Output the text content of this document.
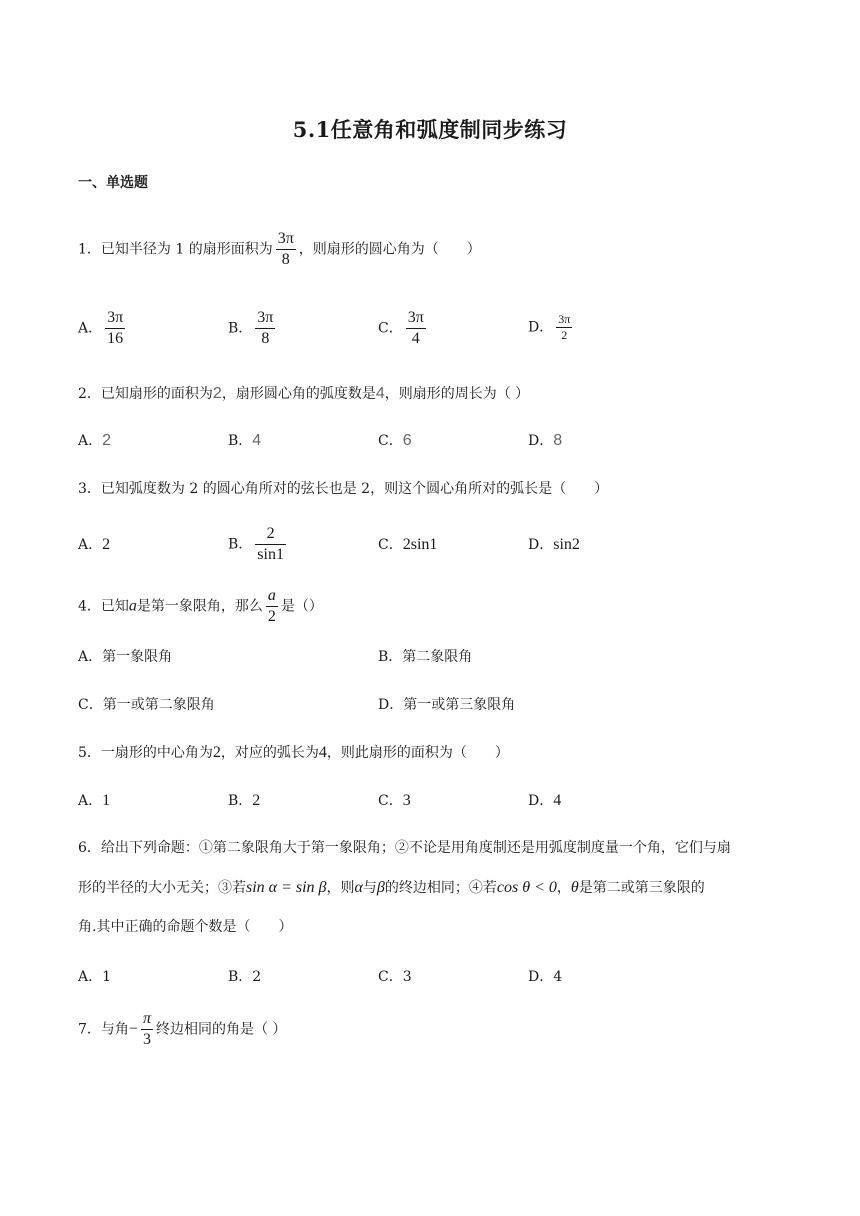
5.1任意角和弧度制同步练习
一、单选题
1．已知半径为 1 的扇形面积为 $\frac{3\pi}{8}$ ，则扇形的圆心角为（　　）
A． $\frac{3\pi}{16}$	B． $\frac{3\pi}{8}$	C． $\frac{3\pi}{4}$	D． $\frac{3\pi}{2}$
2．已知扇形的面积为2，扇形圆心角的弧度数是4，则扇形的周长为（ ）
A．2	B．4	C．6	D．8
3．已知弧度数为 2 的圆心角所对的弦长也是 2，则这个圆心角所对的弧长是（　　）
A．2	B． $\frac{2}{\sin 1}$	C．2sin1	D．sin2
4．已知a是第一象限角，那么 $\frac{a}{2}$ 是（）
A．第一象限角	B．第二象限角
C．第一或第二象限角	D．第一或第三象限角
5．一扇形的中心角为2，对应的弧长为4，则此扇形的面积为（　　）
A．1	B．2	C．3	D．4
6．给出下列命题：①第二象限角大于第一象限角；②不论是用角度制还是用弧度制度量一个角，它们与扇
形的半径的大小无关；③若sin α = sin β，则α与β的终边相同；④若cos θ < 0，θ是第二或第三象限的
角.其中正确的命题个数是（　　）
A．1	B．2	C．3	D．4
7．与角− $\frac{\pi}{3}$ 终边相同的角是（ ）
